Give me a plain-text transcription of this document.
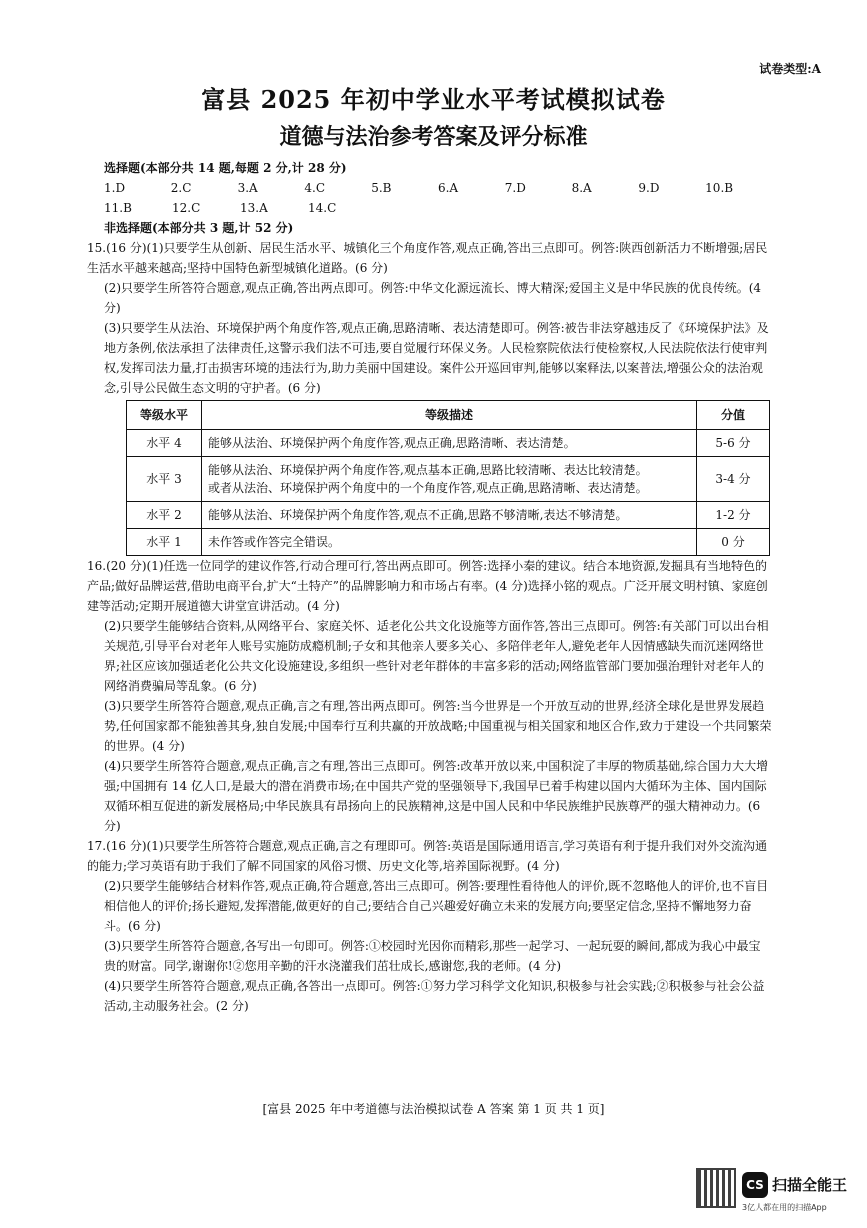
试卷类型:A
富县 2025 年初中学业水平考试模拟试卷
道德与法治参考答案及评分标准
选择题(本部分共 14 题,每题 2 分,计 28 分)
1.D	2.C	3.A	4.C	5.B	6.A	7.D	8.A	9.D	10.B
11.B	12.C	13.A	14.C
非选择题(本部分共 3 题,计 52 分)

15.(16 分)(1)只要学生从创新、居民生活水平、城镇化三个角度作答,观点正确,答出三点即可。例答:陕西创新活力不断增强;居民生活水平越来越高;坚持中国特色新型城镇化道路。(6 分)

(2)只要学生所答符合题意,观点正确,答出两点即可。例答:中华文化源远流长、博大精深;爱国主义是中华民族的优良传统。(4 分)

(3)只要学生从法治、环境保护两个角度作答,观点正确,思路清晰、表达清楚即可。例答:被告非法穿越违反了《环境保护法》及地方条例,依法承担了法律责任,这警示我们法不可违,要自觉履行环保义务。人民检察院依法行使检察权,人民法院依法行使审判权,发挥司法力量,打击损害环境的违法行为,助力美丽中国建设。案件公开巡回审判,能够以案释法,以案普法,增强公众的法治观念,引导公民做生态文明的守护者。(6 分)

等级水平	等级描述	分值
水平 4	能够从法治、环境保护两个角度作答,观点正确,思路清晰、表达清楚。	5-6 分
水平 3	能够从法治、环境保护两个角度作答,观点基本正确,思路比较清晰、表达比较清楚。
或者从法治、环境保护两个角度中的一个角度作答,观点正确,思路清晰、表达清楚。	3-4 分
水平 2	能够从法治、环境保护两个角度作答,观点不正确,思路不够清晰,表达不够清楚。	1-2 分
水平 1	未作答或作答完全错误。	0 分

16.(20 分)(1)任选一位同学的建议作答,行动合理可行,答出两点即可。例答:选择小秦的建议。结合本地资源,发掘具有当地特色的产品;做好品牌运营,借助电商平台,扩大“土特产”的品牌影响力和市场占有率。(4 分)选择小铭的观点。广泛开展文明村镇、家庭创建等活动;定期开展道德大讲堂宣讲活动。(4 分)

(2)只要学生能够结合资料,从网络平台、家庭关怀、适老化公共文化设施等方面作答,答出三点即可。例答:有关部门可以出台相关规范,引导平台对老年人账号实施防成瘾机制;子女和其他亲人要多关心、多陪伴老年人,避免老年人因情感缺失而沉迷网络世界;社区应该加强适老化公共文化设施建设,多组织一些针对老年群体的丰富多彩的活动;网络监管部门要加强治理针对老年人的网络消费骗局等乱象。(6 分)

(3)只要学生所答符合题意,观点正确,言之有理,答出两点即可。例答:当今世界是一个开放互动的世界,经济全球化是世界发展趋势,任何国家都不能独善其身,独自发展;中国奉行互利共赢的开放战略;中国重视与相关国家和地区合作,致力于建设一个共同繁荣的世界。(4 分)

(4)只要学生所答符合题意,观点正确,言之有理,答出三点即可。例答:改革开放以来,中国积淀了丰厚的物质基础,综合国力大大增强;中国拥有 14 亿人口,是最大的潜在消费市场;在中国共产党的坚强领导下,我国早已着手构建以国内大循环为主体、国内国际双循环相互促进的新发展格局;中华民族具有昂扬向上的民族精神,这是中国人民和中华民族维护民族尊严的强大精神动力。(6 分)

17.(16 分)(1)只要学生所答符合题意,观点正确,言之有理即可。例答:英语是国际通用语言,学习英语有利于提升我们对外交流沟通的能力;学习英语有助于我们了解不同国家的风俗习惯、历史文化等,培养国际视野。(4 分)

(2)只要学生能够结合材料作答,观点正确,符合题意,答出三点即可。例答:要理性看待他人的评价,既不忽略他人的评价,也不盲目相信他人的评价;扬长避短,发挥潜能,做更好的自己;要结合自己兴趣爱好确立未来的发展方向;要坚定信念,坚持不懈地努力奋斗。(6 分)

(3)只要学生所答符合题意,各写出一句即可。例答:①校园时光因你而精彩,那些一起学习、一起玩耍的瞬间,都成为我心中最宝贵的财富。同学,谢谢你!②您用辛勤的汗水浇灌我们茁壮成长,感谢您,我的老师。(4 分)

(4)只要学生所答符合题意,观点正确,各答出一点即可。例答:①努力学习科学文化知识,积极参与社会实践;②积极参与社会公益活动,主动服务社会。(2 分)

[富县 2025 年中考道德与法治模拟试卷 A 答案 第 1 页 共 1 页]
CS 扫描全能王
3亿人都在用的扫描App
